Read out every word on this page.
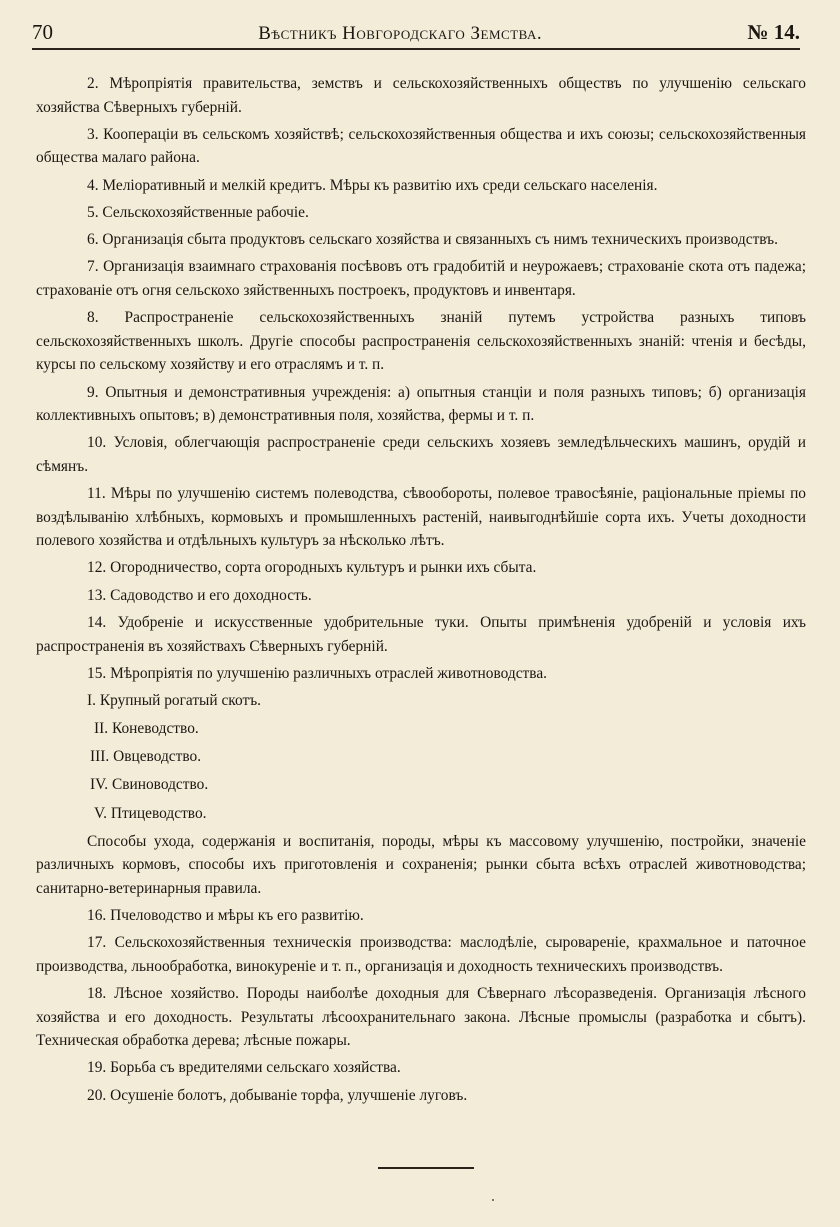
70	Вѣстникъ Новгородскаго Земства.	№ 14.

2. Мѣропріятія правительства, земствъ и сельскохозяйственныхъ обществъ по улучшенію сельскаго хозяйства Сѣверныхъ губерній.

3. Коопераціи въ сельскомъ хозяйствѣ; сельскохозяйственныя общества и ихъ союзы; сельскохозяйственныя общества малаго района.

4. Меліоративный и мелкій кредитъ. Мѣры къ развитію ихъ среди сельскаго населенія.

5. Сельскохозяйственные рабочіе.

6. Организація сбыта продуктовъ сельскаго хозяйства и связанныхъ съ нимъ техническихъ производствъ.

7. Организація взаимнаго страхованія посѣвовъ отъ градобитій и неурожаевъ; страхованіе скота отъ падежа; страхованіе отъ огня сельскохо зяйственныхъ построекъ, продуктовъ и инвентаря.

8. Распространеніе сельскохозяйственныхъ знаній путемъ устройства разныхъ типовъ сельскохозяйственныхъ школъ. Другіе способы распространенія сельскохозяйственныхъ знаній: чтенія и бесѣды, курсы по сельскому хозяйству и его отраслямъ и т. п.

9. Опытныя и демонстративныя учрежденія: а) опытныя станціи и поля разныхъ типовъ; б) организація коллективныхъ опытовъ; в) демонстративныя поля, хозяйства, фермы и т. п.

10. Условія, облегчающія распространеніе среди сельскихъ хозяевъ земледѣльческихъ машинъ, орудій и сѣмянъ.

11. Мѣры по улучшенію системъ полеводства, сѣвообороты, полевое травосѣяніе, раціональные пріемы по воздѣлыванію хлѣбныхъ, кормовыхъ и промышленныхъ растеній, наивыгоднѣйшіе сорта ихъ. Учеты доходности полевого хозяйства и отдѣльныхъ культуръ за нѣсколько лѣтъ.

12. Огородничество, сорта огородныхъ культуръ и рынки ихъ сбыта.

13. Садоводство и его доходность.

14. Удобреніе и искусственные удобрительные туки. Опыты примѣненія удобреній и условія ихъ распространенія въ хозяйствахъ Сѣверныхъ губерній.

15. Мѣропріятія по улучшенію различныхъ отраслей животноводства.

I. Крупный рогатый скотъ.
II. Коневодство.
III. Овцеводство.
IV. Свиноводство.
V. Птицеводство.

Способы ухода, содержанія и воспитанія, породы, мѣры къ массовому улучшенію, постройки, значеніе различныхъ кормовъ, способы ихъ приготовленія и сохраненія; рынки сбыта всѣхъ отраслей животноводства; санитарно-ветеринарныя правила.

16. Пчеловодство и мѣры къ его развитію.

17. Сельскохозяйственныя техническія производства: маслодѣліе, сыровареніе, крахмальное и паточное производства, льнообработка, винокуреніе и т. п., организація и доходность техническихъ производствъ.

18. Лѣсное хозяйство. Породы наиболѣе доходныя для Сѣвернаго лѣсоразведенія. Организація лѣсного хозяйства и его доходность. Результаты лѣсоохранительнаго закона. Лѣсные промыслы (разработка и сбытъ). Техническая обработка дерева; лѣсные пожары.

19. Борьба съ вредителями сельскаго хозяйства.

20. Осушеніе болотъ, добываніе торфа, улучшеніе луговъ.
